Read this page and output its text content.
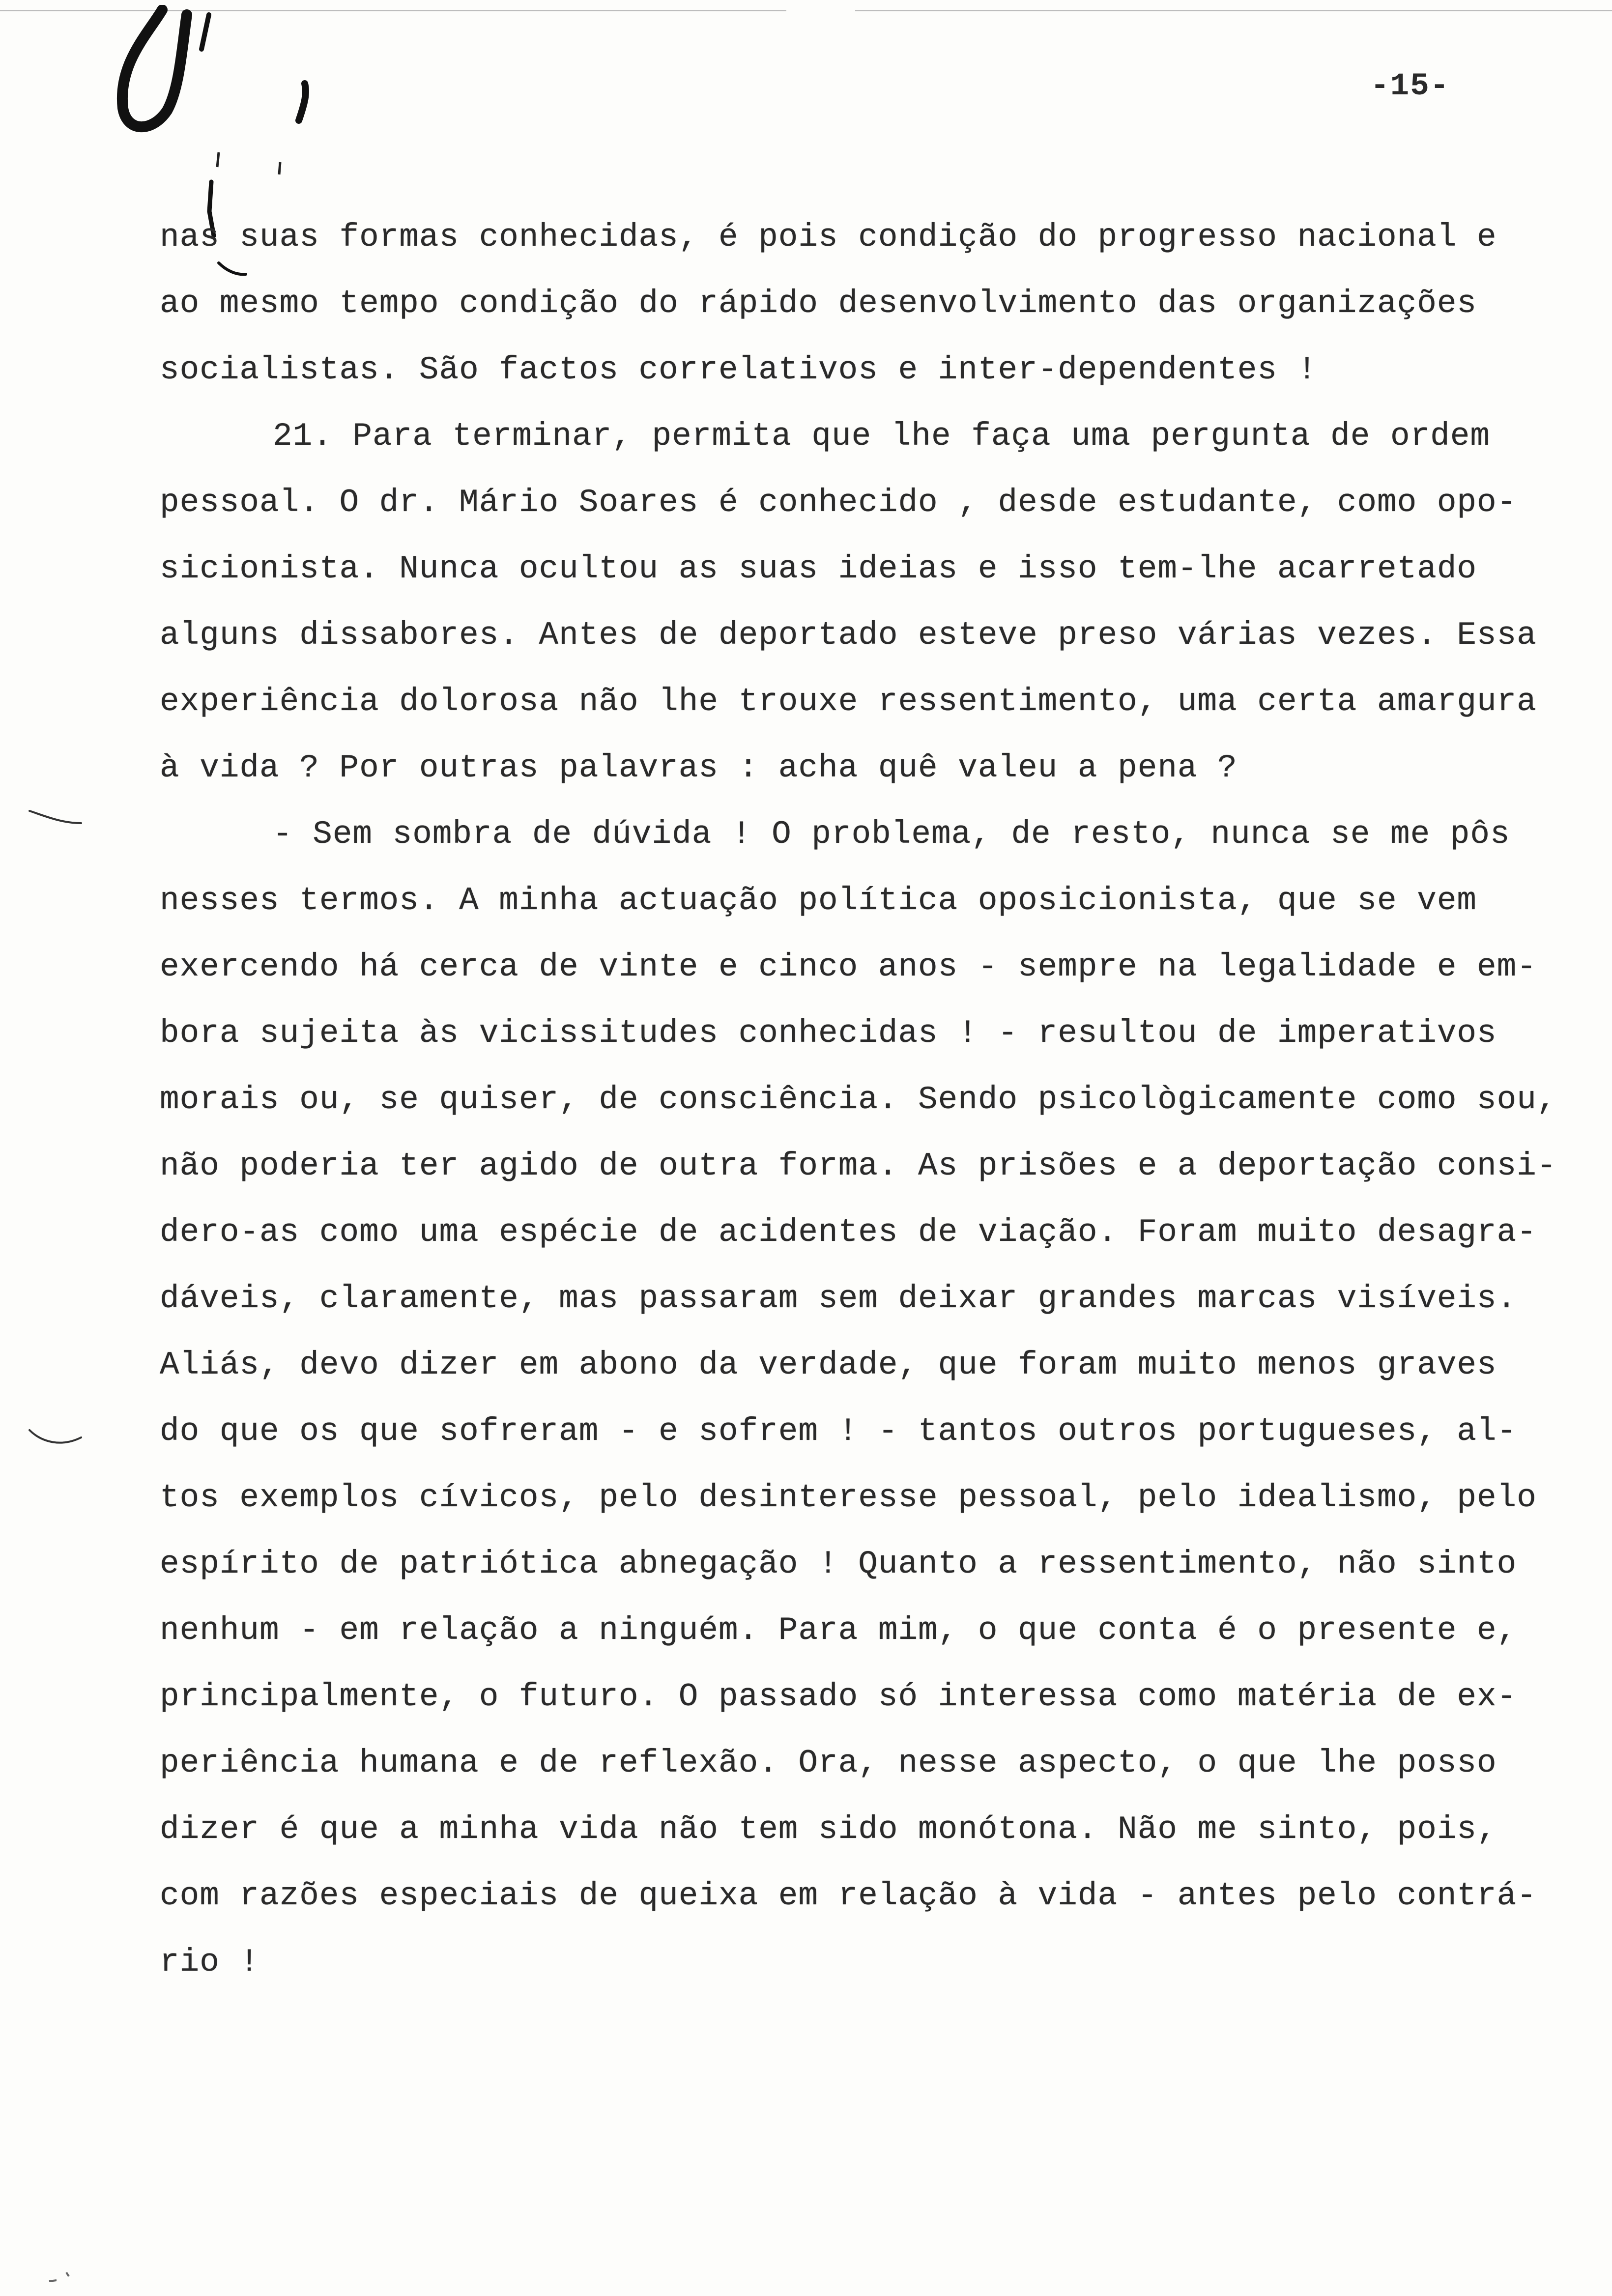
-15-
nas suas formas conhecidas, é pois condição do progresso nacional e
ao mesmo tempo condição do rápido desenvolvimento das organizações
socialistas. São factos correlativos e inter-dependentes !
21. Para terminar, permita que lhe faça uma pergunta de ordem
pessoal. O dr. Mário Soares é conhecido , desde estudante, como opo-
sicionista. Nunca ocultou as suas ideias e isso tem-lhe acarretado
alguns dissabores. Antes de deportado esteve preso várias vezes. Essa
experiência dolorosa não lhe trouxe ressentimento, uma certa amargura
à vida ? Por outras palavras : acha quê valeu a pena ?
- Sem sombra de dúvida ! O problema, de resto, nunca se me pôs
nesses termos. A minha actuação política oposicionista, que se vem
exercendo há cerca de vinte e cinco anos - sempre na legalidade e em-
bora sujeita às vicissitudes conhecidas ! - resultou de imperativos
morais ou, se quiser, de consciência. Sendo psicològicamente como sou,
não poderia ter agido de outra forma. As prisões e a deportação consi-
dero-as como uma espécie de acidentes de viação. Foram muito desagra-
dáveis, claramente, mas passaram sem deixar grandes marcas visíveis.
Aliás, devo dizer em abono da verdade, que foram muito menos graves
do que os que sofreram - e sofrem ! - tantos outros portugueses, al-
tos exemplos cívicos, pelo desinteresse pessoal, pelo idealismo, pelo
espírito de patriótica abnegação ! Quanto a ressentimento, não sinto
nenhum - em relação a ninguém. Para mim, o que conta é o presente e,
principalmente, o futuro. O passado só interessa como matéria de ex-
periência humana e de reflexão. Ora, nesse aspecto, o que lhe posso
dizer é que a minha vida não tem sido monótona. Não me sinto, pois,
com razões especiais de queixa em relação à vida - antes pelo contrá-
rio !
